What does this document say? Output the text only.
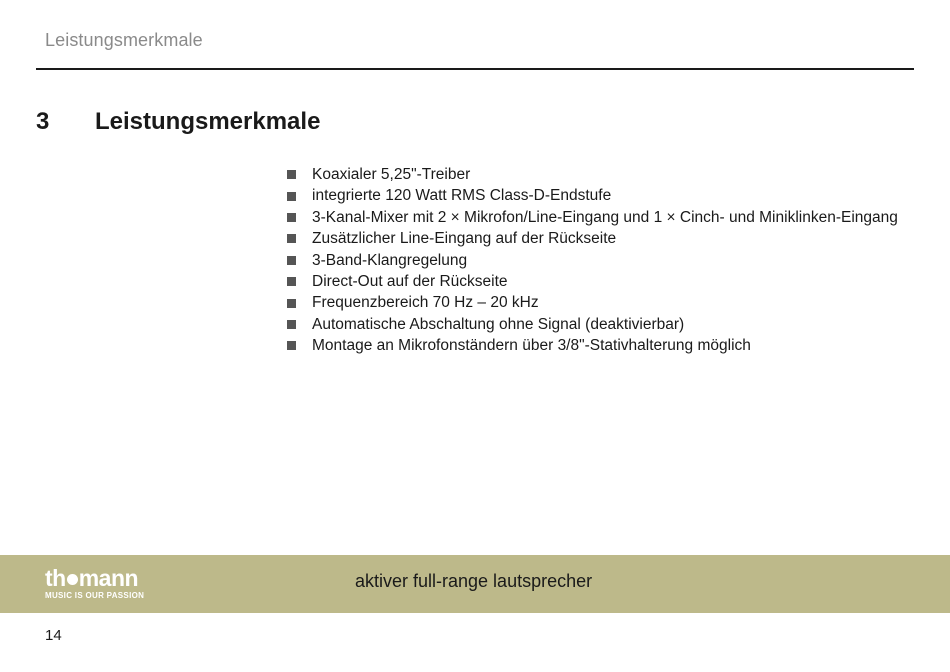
Leistungsmerkmale
3	Leistungsmerkmale
Koaxialer 5,25"-Treiber
integrierte 120 Watt RMS Class-D-Endstufe
3-Kanal-Mixer mit 2 × Mikrofon/Line-Eingang und 1 × Cinch- und Miniklinken-Eingang
Zusätzlicher Line-Eingang auf der Rückseite
3-Band-Klangregelung
Direct-Out auf der Rückseite
Frequenzbereich 70 Hz – 20 kHz
Automatische Abschaltung ohne Signal (deaktivierbar)
Montage an Mikrofonständern über 3/8"-Stativhalterung möglich
th mann
MUSIC IS OUR PASSION
aktiver full-range lautsprecher
14
